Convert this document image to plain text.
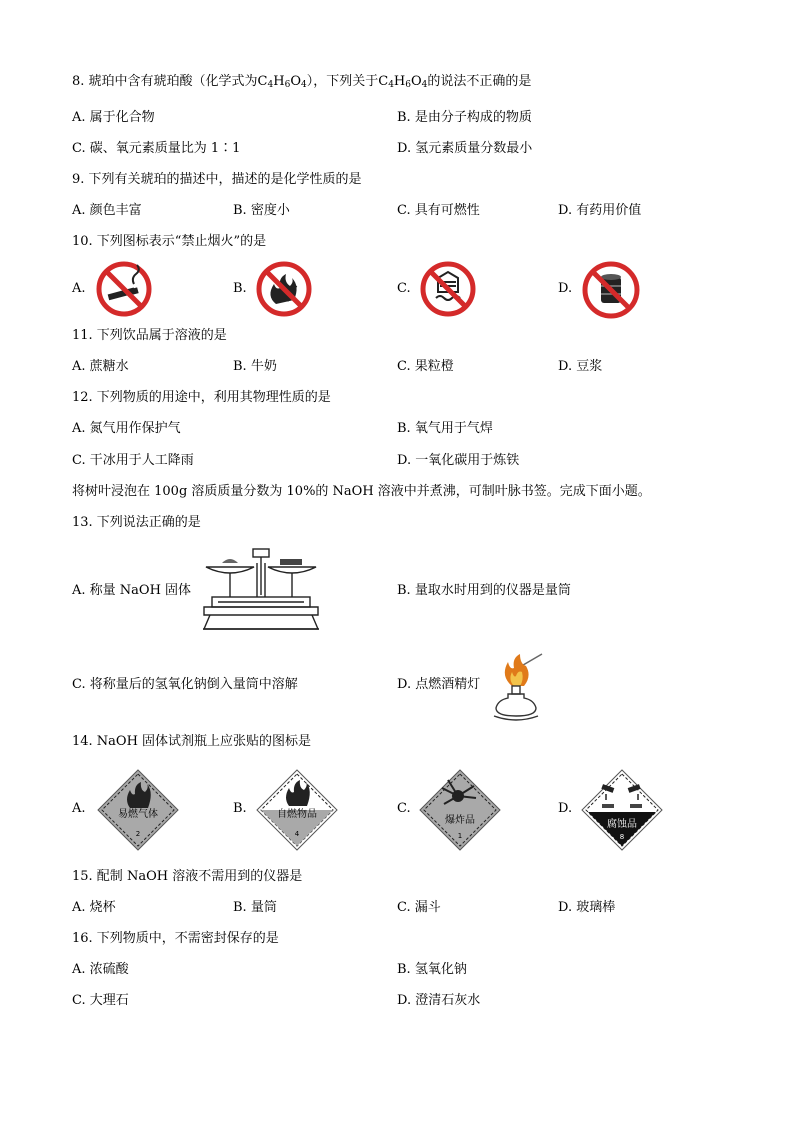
8. 琥珀中含有琥珀酸（化学式为$C_4H_6O_4$），下列关于$C_4H_6O_4$的说法不正确的是
A. 属于化合物	B. 是由分子构成的物质
C. 碳、氧元素质量比为 1∶1	D. 氢元素质量分数最小
9. 下列有关琥珀的描述中，描述的是化学性质的是
A. 颜色丰富	B. 密度小	C. 具有可燃性	D. 有药用价值
10. 下列图标表示“禁止烟火”的是
A.	B.	C.	D.
11. 下列饮品属于溶液的是
A. 蔗糖水	B. 牛奶	C. 果粒橙	D. 豆浆
12. 下列物质的用途中，利用其物理性质的是
A. 氮气用作保护气	B. 氧气用于气焊
C. 干冰用于人工降雨	D. 一氧化碳用于炼铁
将树叶浸泡在 100g 溶质质量分数为 10%的 NaOH 溶液中并煮沸，可制叶脉书签。完成下面小题。
13. 下列说法正确的是
A. 称量 NaOH 固体	B. 量取水时用到的仪器是量筒
C. 将称量后的氢氧化钠倒入量筒中溶解	D. 点燃酒精灯
14. NaOH 固体试剂瓶上应张贴的图标是
A.	B.	C.	D.
易燃气体
2
自燃物品
4
爆炸品
1
腐蚀品
8
15. 配制 NaOH 溶液不需用到的仪器是
A. 烧杯	B. 量筒	C. 漏斗	D. 玻璃棒
16. 下列物质中，不需密封保存的是
A. 浓硫酸	B. 氢氧化钠
C. 大理石	D. 澄清石灰水
